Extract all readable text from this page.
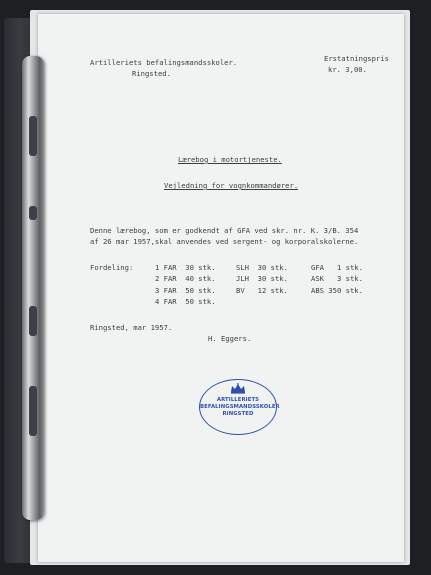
Artilleriets befalingsmandsskoler.
Ringsted.
Erstatningspris
kr. 3,00.
Lærebog i motortjeneste.
Vejledning for vognkommandører.
Denne lærebog, som er godkendt af GFA ved skr. nr. K. 3/B. 354
af 26 mar 1957,skal anvendes ved sergent- og korporalskolerne.
Fordeling:	1 FAR  30 stk.
2 FAR  40 stk.
3 FAR  50 stk.
4 FAR  50 stk.
SLH  30 stk.
JLH  30 stk.
BV   12 stk.
GFA   1 stk.
ASK   3 stk.
ABS 350 stk.
Ringsted, mar 1957.
H. Eggers.
ARTILLERIETS
BEFALINGSMANDSSKOLER
RINGSTED
